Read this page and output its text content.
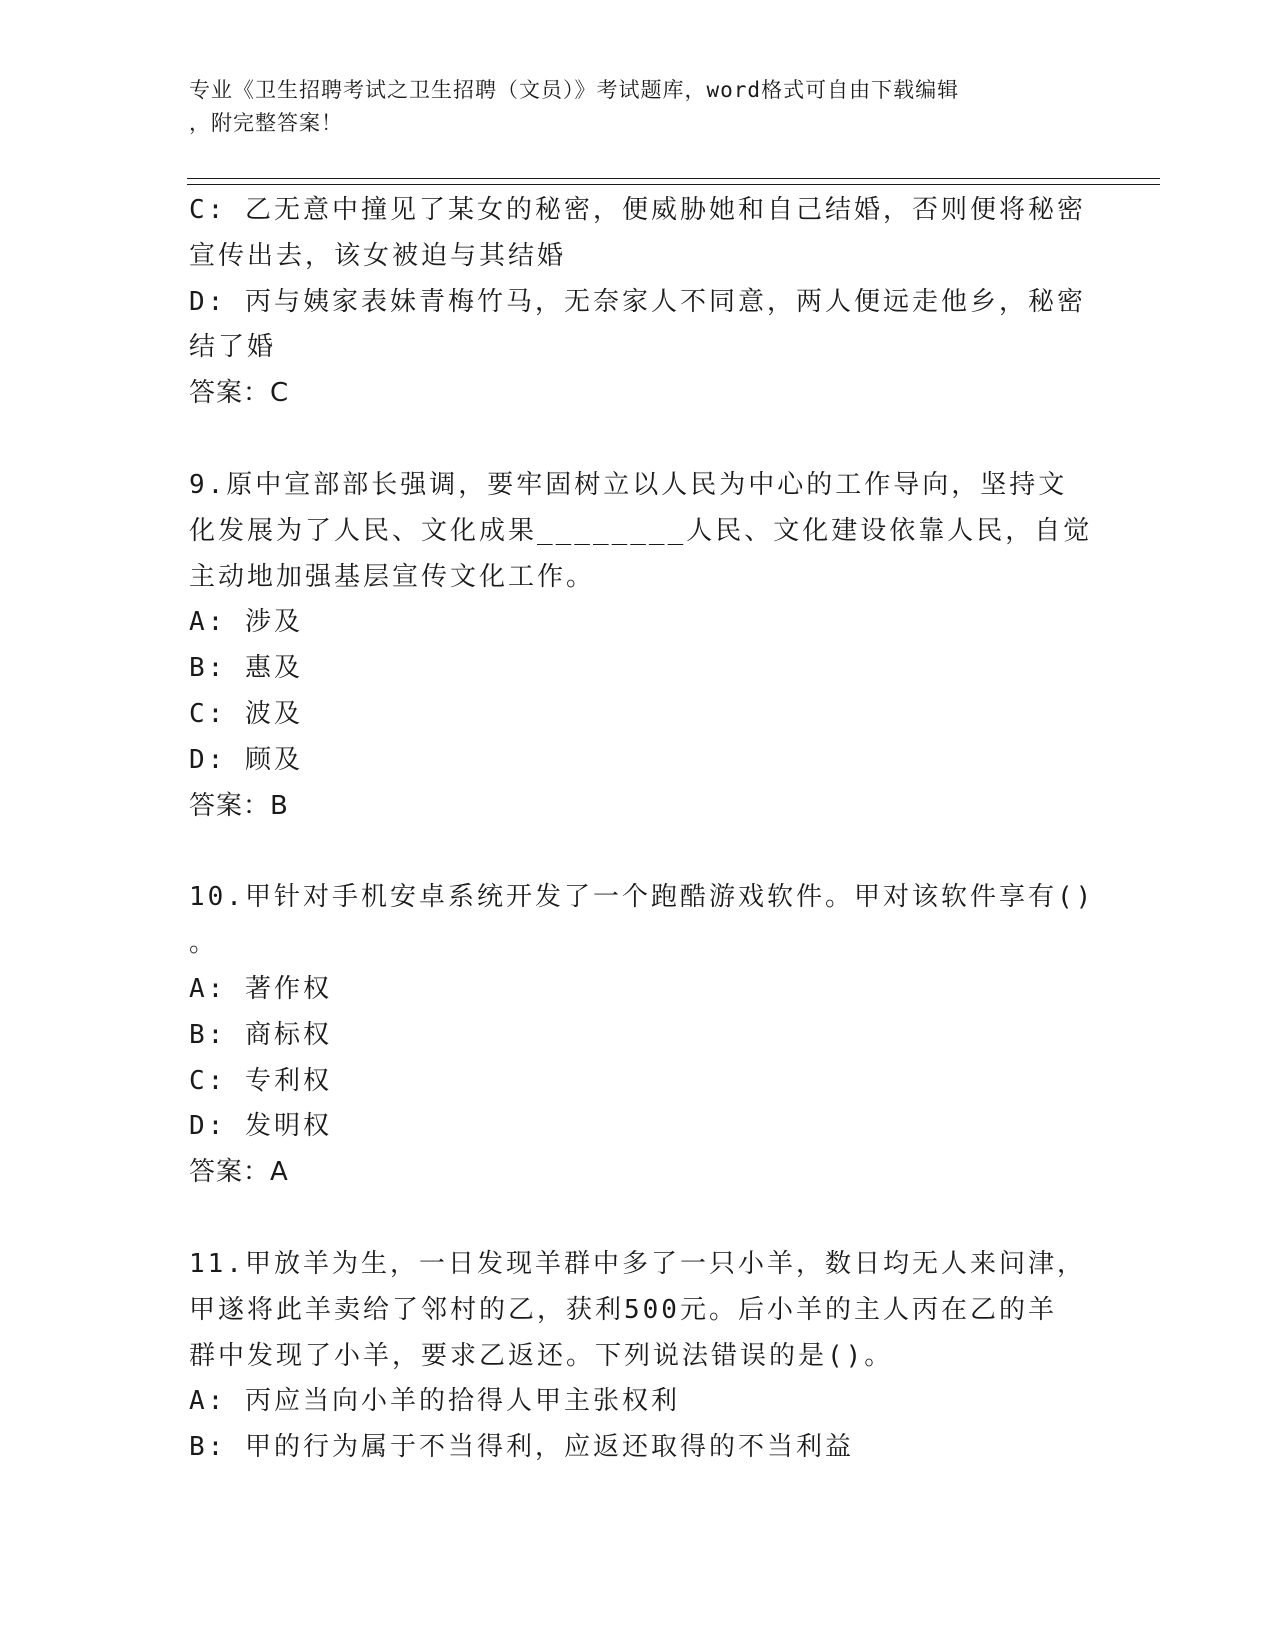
专业《卫生招聘考试之卫生招聘（文员）》考试题库，word格式可自由下载编辑
，附完整答案！
C: 乙无意中撞见了某女的秘密，便威胁她和自己结婚，否则便将秘密
宣传出去，该女被迫与其结婚
D: 丙与姨家表妹青梅竹马，无奈家人不同意，两人便远走他乡，秘密
结了婚
答案：C
9.原中宣部部长强调，要牢固树立以人民为中心的工作导向，坚持文
化发展为了人民、文化成果________人民、文化建设依靠人民，自觉
主动地加强基层宣传文化工作。
A: 涉及
B: 惠及
C: 波及
D: 顾及
答案：B
10.甲针对手机安卓系统开发了一个跑酷游戏软件。甲对该软件享有()
。
A: 著作权
B: 商标权
C: 专利权
D: 发明权
答案：A
11.甲放羊为生，一日发现羊群中多了一只小羊，数日均无人来问津，
甲遂将此羊卖给了邻村的乙，获利500元。后小羊的主人丙在乙的羊
群中发现了小羊，要求乙返还。下列说法错误的是()。
A: 丙应当向小羊的拾得人甲主张权利
B: 甲的行为属于不当得利，应返还取得的不当利益
